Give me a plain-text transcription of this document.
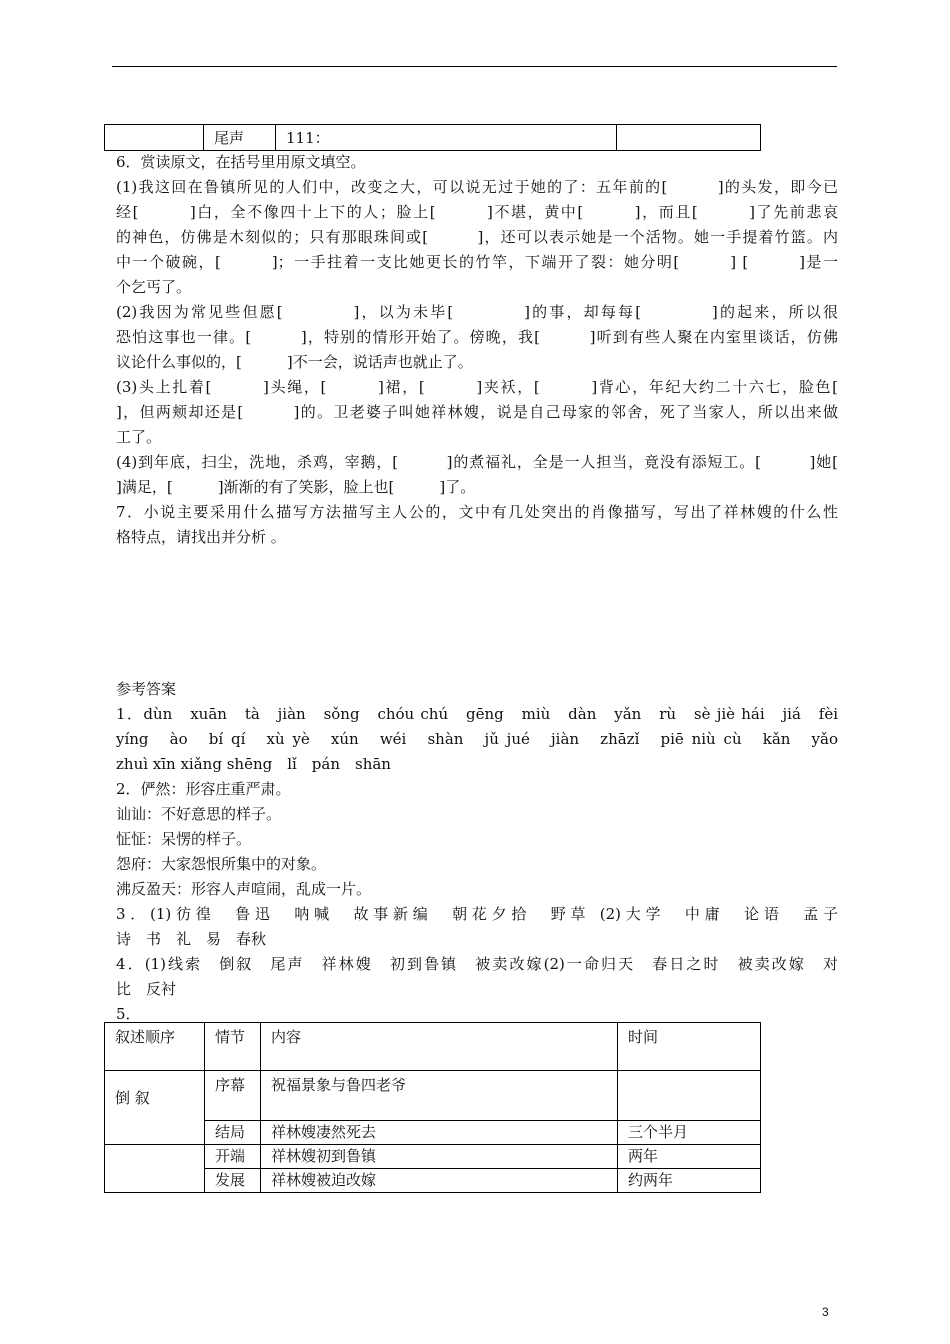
	尾声	111：	
6．赏读原文，在括号里用原文填空。
(1)我这回在鲁镇所见的人们中，改变之大，可以说无过于她的了：五年前的[　　　]的头发，即今已
经[　　　]白，全不像四十上下的人；脸上[　　　]不堪，黄中[　　　]，而且[　　　]了先前悲哀
的神色，仿佛是木刻似的；只有那眼珠间或[　　　]，还可以表示她是一个活物。她一手提着竹篮。内
中一个破碗，[　　　]；一手拄着一支比她更长的竹竿，下端开了裂：她分明[　　　] [　　　]是一
个乞丐了。
(2)我因为常见些但愿[　　　　]，以为未毕[　　　　]的事，却每每[　　　　]的起来，所以很
恐怕这事也一律。[　　　]，特别的情形开始了。傍晚，我[　　　]听到有些人聚在内室里谈话，仿佛
议论什么事似的，[　　　]不一会，说话声也就止了。
(3)头上扎着[　　　]头绳，[　　　]裙，[　　　]夹袄，[　　　]背心，年纪大约二十六七，脸色[
]，但两颊却还是[　　　]的。卫老婆子叫她祥林嫂，说是自己母家的邻舍，死了当家人，所以出来做
工了。
(4)到年底，扫尘，洗地，杀鸡，宰鹅，[　　　]的煮福礼，全是一人担当，竟没有添短工。[　　　]她[
]满足，[　　　]渐渐的有了笑影，脸上也[　　　]了。
7．小说主要采用什么描写方法描写主人公的，文中有几处突出的肖像描写，写出了祥林嫂的什么性
格特点，请找出并分析 。
参考答案
1．dùn　xuān　tà　jiàn　sǒng　chóu chú　gēng　miù　dàn　yǎn　rù　sè jiè hái　jiá　fèi
yíng　ào　bí qí　xù yè　xún　wéi　shàn　jǔ jué　jiàn　zhāzǐ　piē niù cù　kǎn　yǎo
zhuì xīn xiǎng shēng　lǐ　pán　shān
2．俨然：形容庄重严肃。
讪讪：不好意思的样子。
怔怔：呆愣的样子。
怨府：大家怨恨所集中的对象。
沸反盈天：形容人声喧闹，乱成一片。
3．(1)彷徨　鲁迅　呐喊　故事新编　朝花夕拾　野草 (2)大学　中庸　论语　孟子
诗　书　礼　易　春秋
4．(1)线索　倒叙　尾声　祥林嫂　初到鲁镇　被卖改嫁(2)一命归天　春日之时　被卖改嫁　对
比　反衬
5．
叙述顺序	情节	内容	时间
倒 叙	序幕	祝福景象与鲁四老爷	
	结局	祥林嫂凄然死去	三个半月
	开端	祥林嫂初到鲁镇	两年
	发展	祥林嫂被迫改嫁	约两年
3
